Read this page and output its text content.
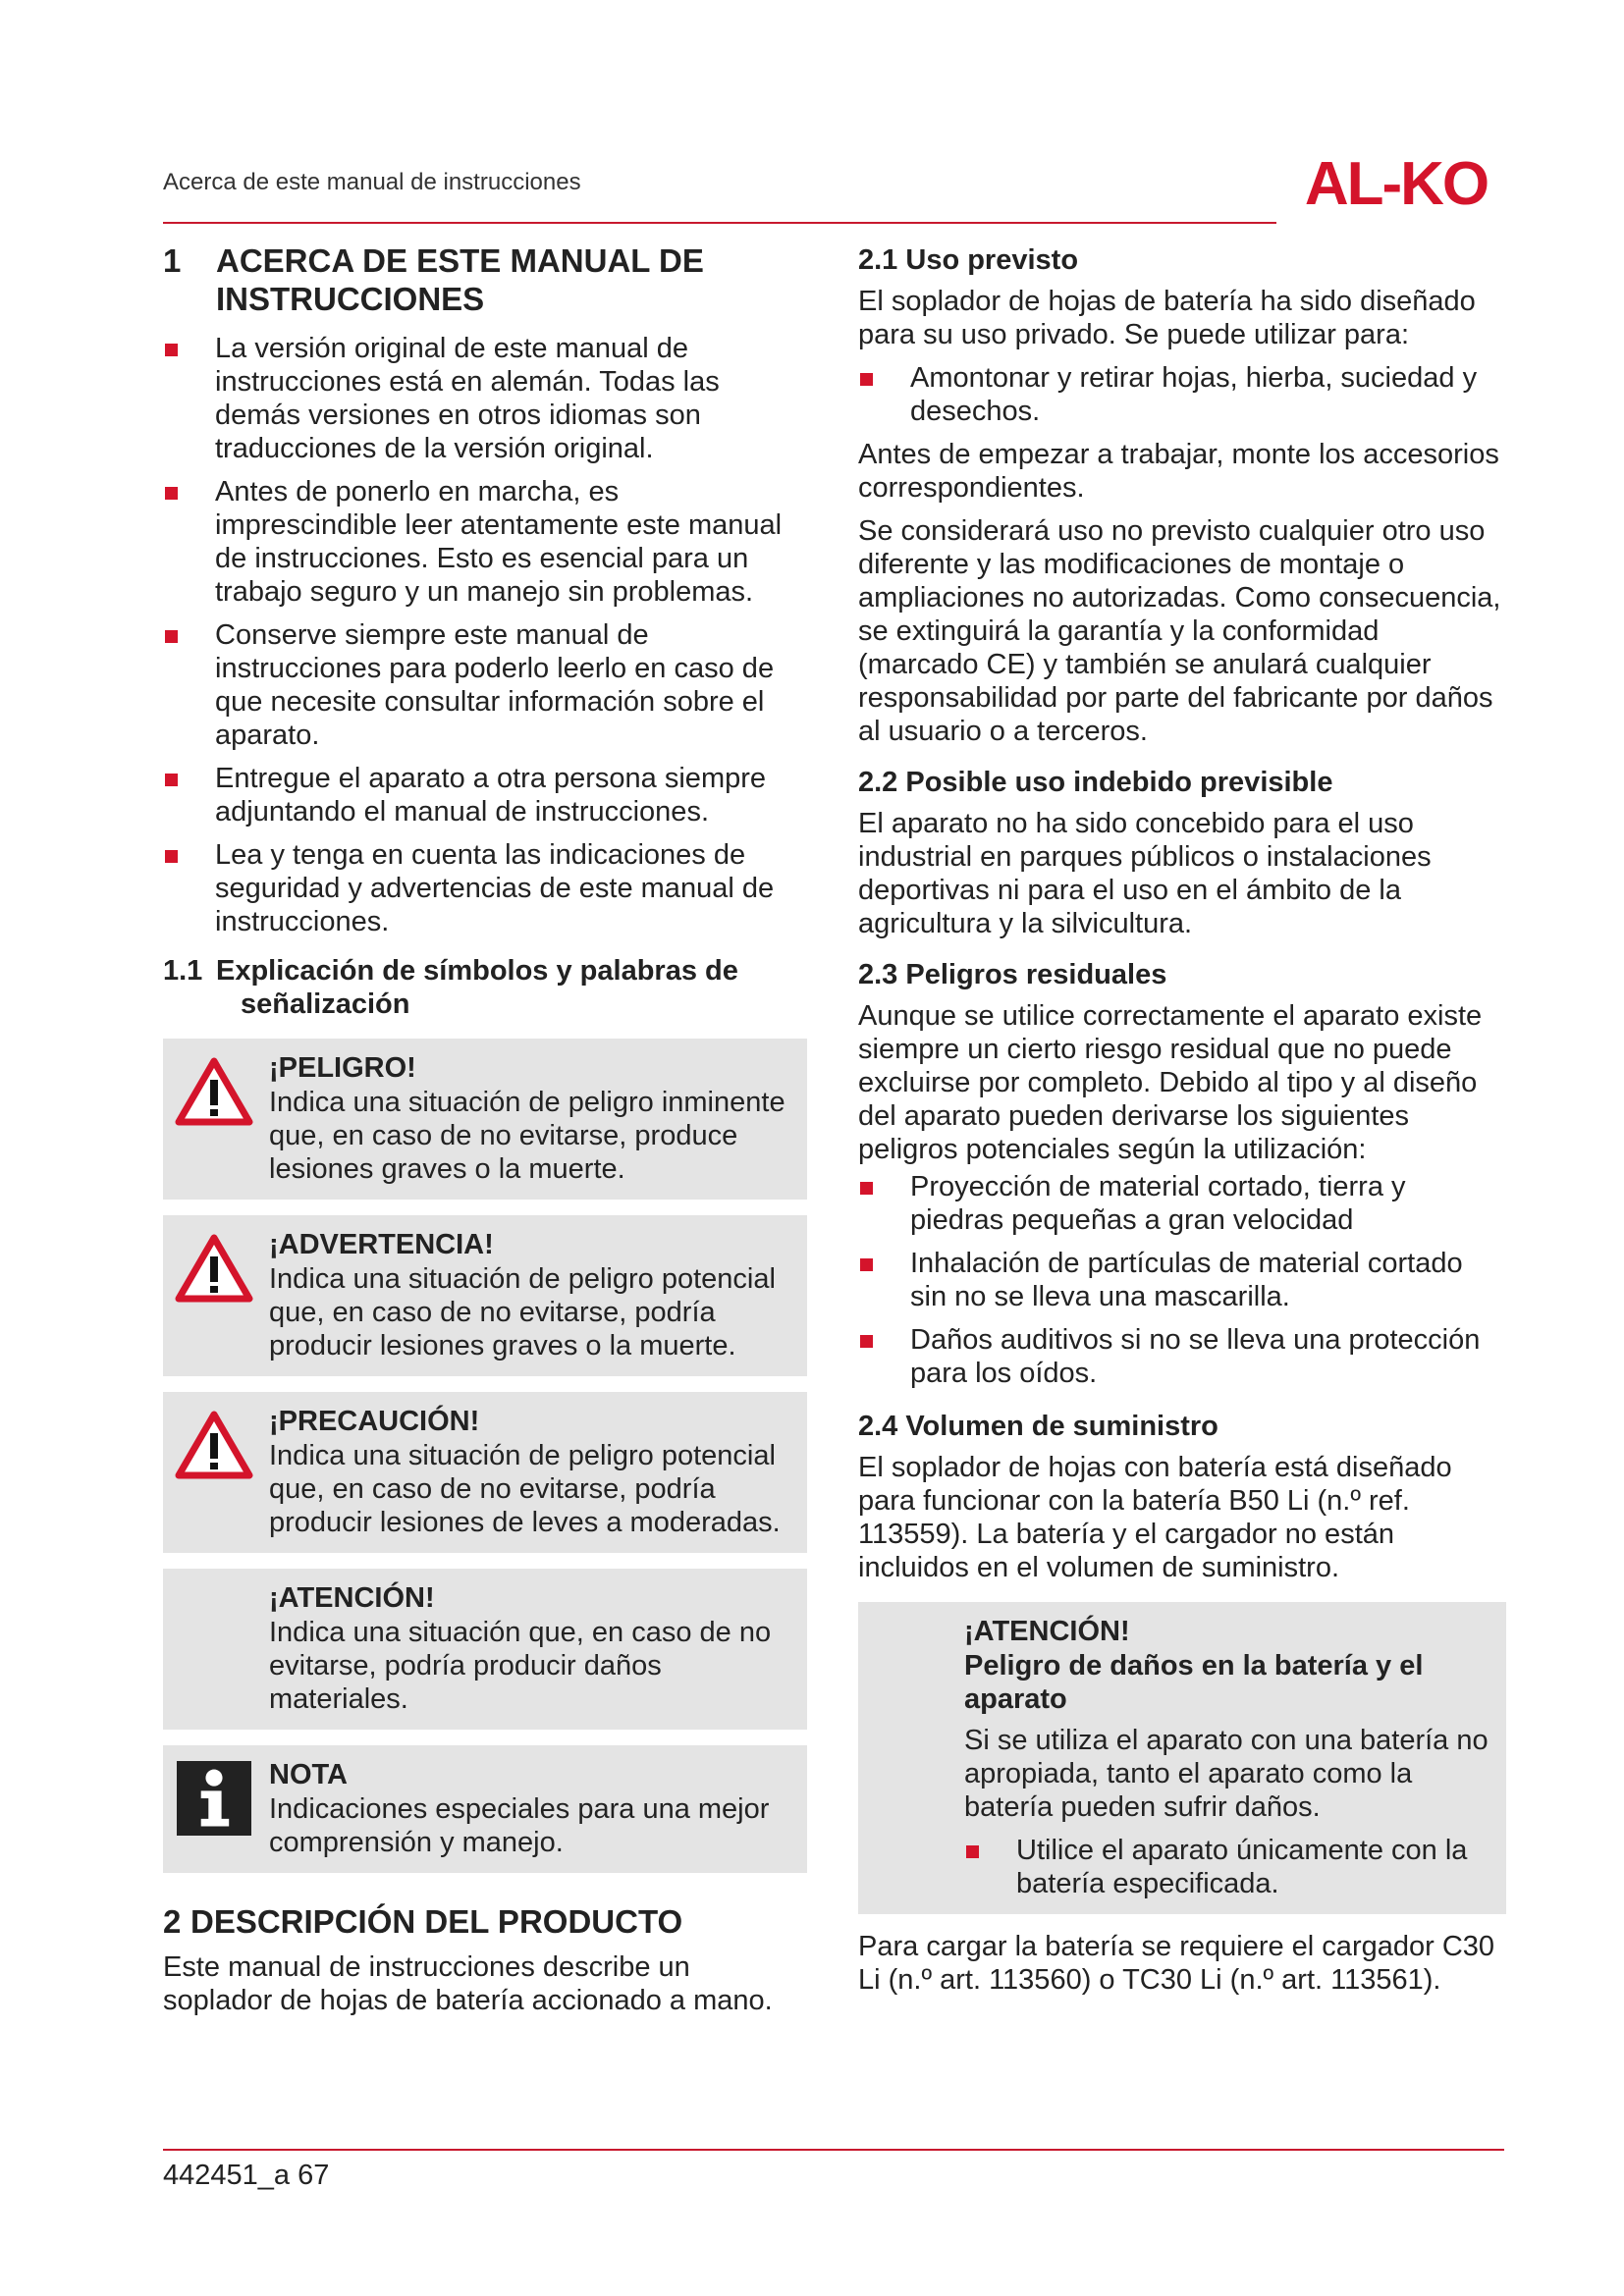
Acerca de este manual de instrucciones	AL-KO
1 ACERCA DE ESTE MANUAL DE INSTRUCCIONES
La versión original de este manual de instrucciones está en alemán. Todas las demás versiones en otros idiomas son traducciones de la versión original.
Antes de ponerlo en marcha, es imprescindible leer atentamente este manual de instrucciones. Esto es esencial para un trabajo seguro y un manejo sin problemas.
Conserve siempre este manual de instrucciones para poderlo leerlo en caso de que necesite consultar información sobre el aparato.
Entregue el aparato a otra persona siempre adjuntando el manual de instrucciones.
Lea y tenga en cuenta las indicaciones de seguridad y advertencias de este manual de instrucciones.
1.1 Explicación de símbolos y palabras de señalización
¡PELIGRO!
Indica una situación de peligro inminente que, en caso de no evitarse, produce lesiones graves o la muerte.
¡ADVERTENCIA!
Indica una situación de peligro potencial que, en caso de no evitarse, podría producir lesiones graves o la muerte.
¡PRECAUCIÓN!
Indica una situación de peligro potencial que, en caso de no evitarse, podría producir lesiones de leves a moderadas.
¡ATENCIÓN!
Indica una situación que, en caso de no evitarse, podría producir daños materiales.
NOTA
Indicaciones especiales para una mejor comprensión y manejo.
2 DESCRIPCIÓN DEL PRODUCTO

Este manual de instrucciones describe un soplador de hojas de batería accionado a mano.

2.1 Uso previsto

El soplador de hojas de batería ha sido diseñado para su uso privado. Se puede utilizar para:

Amontonar y retirar hojas, hierba, suciedad y desechos.

Antes de empezar a trabajar, monte los accesorios correspondientes.

Se considerará uso no previsto cualquier otro uso diferente y las modificaciones de montaje o ampliaciones no autorizadas. Como consecuencia, se extinguirá la garantía y la conformidad (marcado CE) y también se anulará cualquier responsabilidad por parte del fabricante por daños al usuario o a terceros.

2.2 Posible uso indebido previsible

El aparato no ha sido concebido para el uso industrial en parques públicos o instalaciones deportivas ni para el uso en el ámbito de la agricultura y la silvicultura.

2.3 Peligros residuales

Aunque se utilice correctamente el aparato existe siempre un cierto riesgo residual que no puede excluirse por completo. Debido al tipo y al diseño del aparato pueden derivarse los siguientes peligros potenciales según la utilización:

Proyección de material cortado, tierra y piedras pequeñas a gran velocidad
Inhalación de partículas de material cortado sin no se lleva una mascarilla.
Daños auditivos si no se lleva una protección para los oídos.
2.4 Volumen de suministro

El soplador de hojas con batería está diseñado para funcionar con la batería B50 Li (n.º ref. 113559). La batería y el cargador no están incluidos en el volumen de suministro.

¡ATENCIÓN!
Peligro de daños en la batería y el aparato
Si se utiliza el aparato con una batería no apropiada, tanto el aparato como la batería pueden sufrir daños.
Utilice el aparato únicamente con la batería especificada.

Para cargar la batería se requiere el cargador C30 Li (n.º art. 113560) o TC30 Li (n.º art. 113561).

442451_a 67
